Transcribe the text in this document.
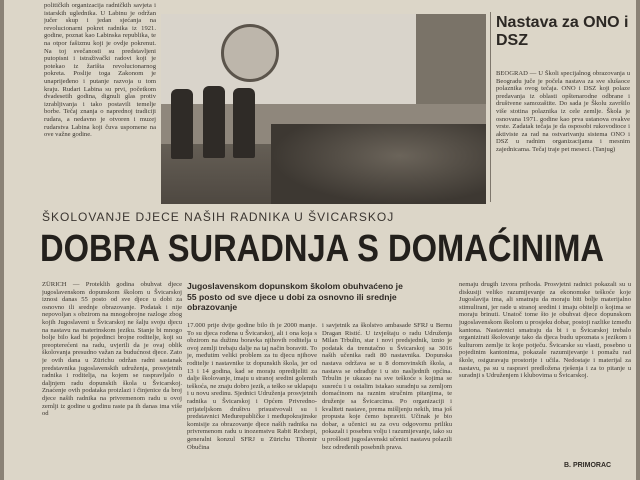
političkih organizacija radničkih savjeta i istarskih uglednika. U Labinu je održan jučer skup i jedan sjećanja na revolucionarni pokret radnika iz 1921. godine, poznat kao Labinska republika, te na otpor fašizmu koji je ovdje pokrenut. Na toj svečanosti su predstavljeni putopisni i istraživački radovi koji je potekao iz žarišta revolucionarnog pokreta. Poslije toga Zakonom je unaprijeđeno i putanje razvoja u tom kraju. Rudari Labina su prvi, početkom dvadesetih godina, dignuli glas protiv izrabljivanja i tako postavili temelje borbe. Tečaj znanja o naprednoj tradiciji rudara, a nedavno je otvoren i muzej rudarstva Labina koji čuva uspomene na ove važne godine.

Nastava za ONO i DSZ

BEOGRAD — U Školi specijalnog obrazovanja u Beogradu juče je počela nastava za sve slušaoce polaznika ovog tečaja. ONO i DSZ koji polaze predavanja iz oblasti opštenarodne odbrane i društvene samozaštite. Do sada je Školu završilo više stotina polaznika iz cele zemlje. Škola je osnovana 1971. godine kao prva ustanova ovakve vrste. Zadatak tečaja je da osposobi rukovodioce i aktiviste za rad na ostvarivanju sistema ONO i DSZ u radnim organizacijama i mesnim zajednicama. Tečaj traje pet meseci. (Tanjug)

ŠKOLOVANJE DJECE NAŠIH RADNIKA U ŠVICARSKOJ
DOBRA SURADNJA S DOMAĆINIMA
Jugoslavenskom dopunskom školom obuhvaćeno je 55 posto od sve djece u dobi za osnovno ili srednje obrazovanje

ZÜRICH — Proteklih godina obuhvat djece jugoslavenskom dopunskom školom u Švicarskoj iznosi danas 55 posto od sve djece u dobi za osnovno ili srednje obrazovanje. Podatak i nije nepovoljan s obzirom na mnogobrojne razloge zbog kojih Jugoslaveni u Švicarskoj ne šalju svoju djecu na nastavu na materinskom jeziku. Stanje bi mnogo bolje bilo kad bi pojedinci brojne roditelje, koji su preopterećeni na radu, uvjerili da je ovaj oblik školovanja presudno važan za budućnost djece. Zato je ovih dana u Zürichu održan radni sastanak predstavnika jugoslavenskih udruženja, prosvjetnih radnika i roditelja, na kojem se raspravljalo o daljnjem radu dopunskih škola u Švicarskoj. Znaćenje ovih podataka proizlazi i činjenice da broj djece naših radnika na privremenom radu u ovoj zemlji iz godine u godinu raste pa ih danas ima više od

17.000 prije dvije godine bilo ih je 2000 manje. To su djeca rođena u Švicarskoj, ali i ona koja s obzirom na dužinu boravka njihovih roditelja u ovoj zemlji trebaju dalje na taj način boraviti. To je, međutim veliki problem za tu djecu njihove roditelje i nastavnike iz dopunskih škola, jer od 13 i 14 godina, kad se moraju opredijeliti za dalje školovanje, imaju u stranoj sredini golemih teškoća, ne znaju dobro jezik, a teško se uklapaju i u novu sredinu. Sjednici Udruženja prosvjetnih radnika u Švicarskoj i Općem Privredno-prijateljskom društvu prisustvovali su i predstavnici Međurepubličke i međupokrajinske komisije za obrazovanje djece naših radnika na privremenom radu u inozemstvu Rabit Rexhepi, generalni konzul SFRJ u Zürichu Tihomir Obučina

i savjetnik za školstvo ambasade SFRJ u Bernu Dragan Ristić. U izvještaju o radu Udruženja Milan Trbulin, star i novi predsjednik, iznio je podatak da trenutačno u Švicarskoj sa 3016 naših učenika radi 80 nastavnika. Dopunska nastava održava se u 8 domovinskih škola, a nastava se odrađuje i u sto nasljednih općina. Trbulin je ukazao na sve teškoće s kojima se susreću i u ostalim istakao suradnju sa zemljom domaćinom na raznim stručnim pitanjima, te druženje sa Švicarcima. Po organizaciji i kvaliteti nastave, prema mišljenju nekih, ima još propusta koje ćemo ispraviti. Učinak je bio dobar, a učenici su za ovu odgovornu priliku pokazali i posebnu volju i razumijevanje, iako su u prošlosti jugoslavenski učenici nastavu polazili bez određenih posebnih prava.

nemaju drugih izvora prihoda. Prosvjetni radnici pokazali su u diskusiji veliko razumijevanje za ekonomske teškoće koje Jugoslavija ima, ali smatraju da moraju biti bolje materijalno stimulirani, jer rade u stranoj sredini i imaju obitelji o kojima se moraju brinuti. Unatoč tome što je obuhvat djece dopunskom jugoslavenskom školom u prosjeku dobar, postoji razlike između kantona. Nastavnici smatraju da bi i u Švicarskoj trebalo organizirati školovanje tako da djeca budu upoznata s jezikom i kulturom zemlje iz koje potječu. Švicarske su vlasti, posebno u pojedinim kantonima, pokazale razumijevanje i pomažu rad škole, osiguravaju prostorije i učila. Nedostaje i materijal za nastavu, pa su u raspravi predložena rješenja i za to pitanje u suradnji s Udruženjem i klubovima u Švicarskoj.

B. PRIMORAC
